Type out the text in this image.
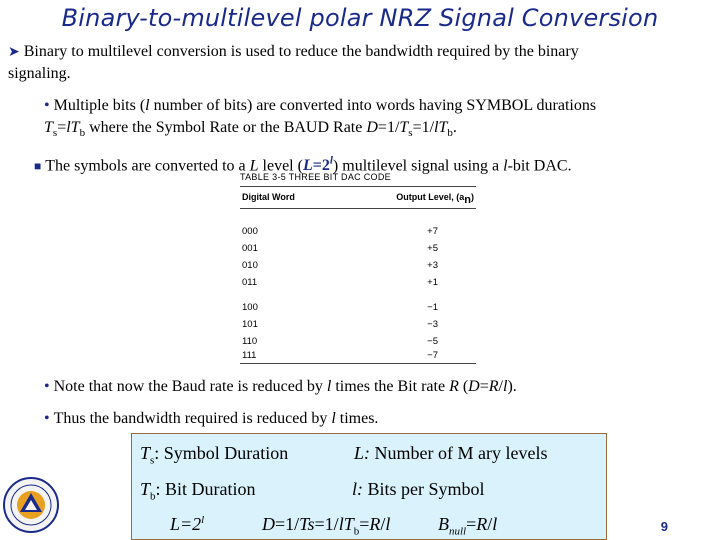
Binary-to-multilevel polar NRZ Signal Conversion
➤ Binary to multilevel conversion is used to reduce the bandwidth required by the binary
signaling.
• Multiple bits (l number of bits) are converted into words having SYMBOL durations
$T_s=lT_b$ where the Symbol Rate or the BAUD Rate $D=1/T_s=1/lT_b$.
■ The symbols are converted to a L level $(L=2^l)$ multilevel signal using a l-bit DAC.
TABLE 3-5 THREE BIT DAC CODE
Digital Word	Output Level, $(a_n)$
000	+7
001	+5
010	+3
011	+1
100	−1
101	−3
110	−5
111	−7
• Note that now the Baud rate is reduced by l times the Bit rate R (D=R/l).
• Thus the bandwidth required is reduced by l times.
$T_s$: Symbol Duration	L: Number of M ary levels
$T_b$: Bit Duration	l: Bits per Symbol
$L=2^l$	$D=1/Ts=1/lT_b=R/l$	$B_{null}=R/l$	9
